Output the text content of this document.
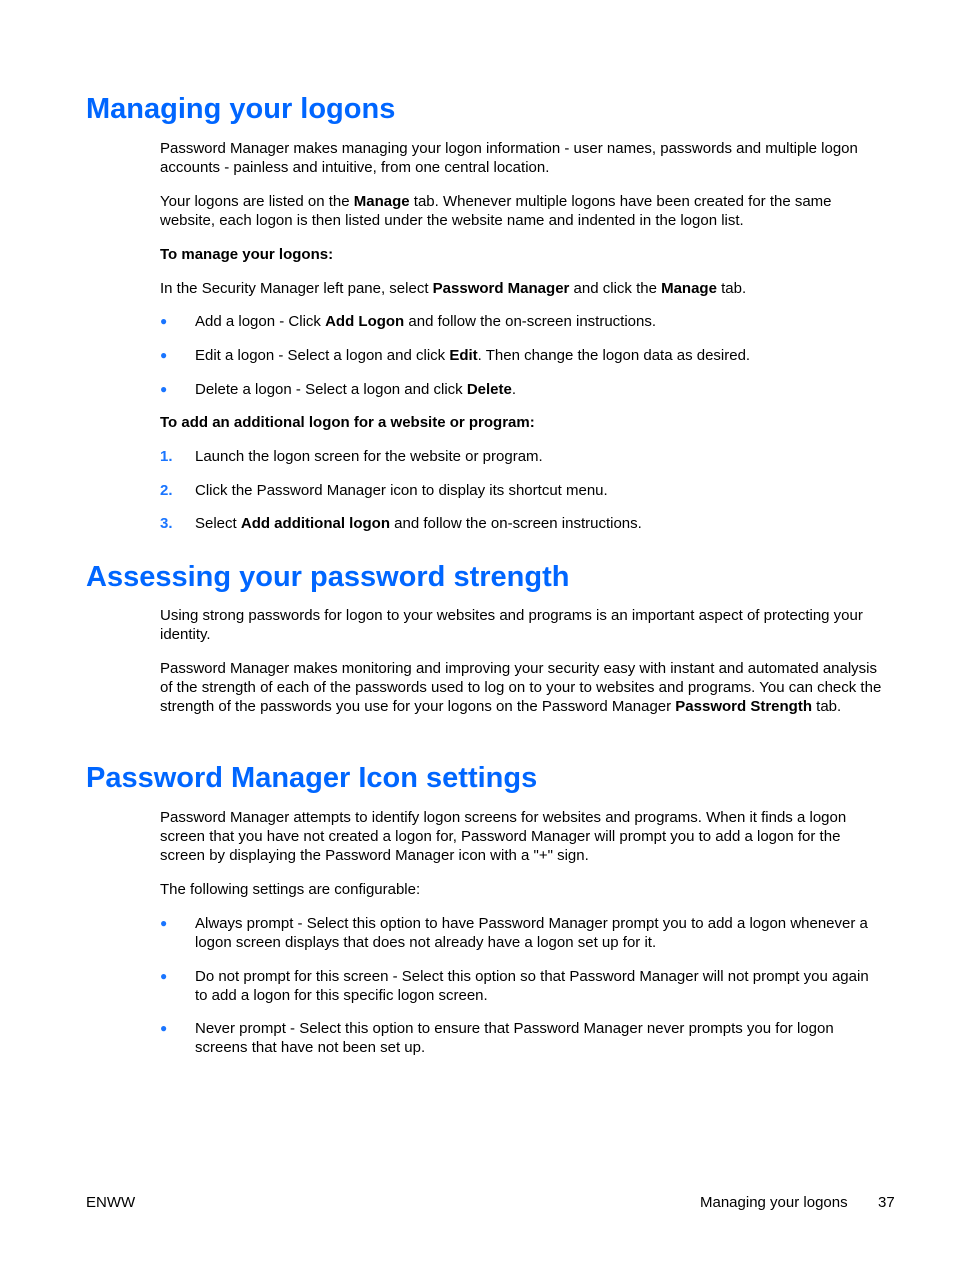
Managing your logons

Password Manager makes managing your logon information - user names, passwords and multiple logon accounts - painless and intuitive, from one central location.

Your logons are listed on the Manage tab. Whenever multiple logons have been created for the same website, each logon is then listed under the website name and indented in the logon list.

To manage your logons:

In the Security Manager left pane, select Password Manager and click the Manage tab.

●	Add a logon - Click Add Logon and follow the on-screen instructions.
●	Edit a logon - Select a logon and click Edit. Then change the logon data as desired.
●	Delete a logon - Select a logon and click Delete.

To add an additional logon for a website or program:

1.	Launch the logon screen for the website or program.
2.	Click the Password Manager icon to display its shortcut menu.
3.	Select Add additional logon and follow the on-screen instructions.
Assessing your password strength

Using strong passwords for logon to your websites and programs is an important aspect of protecting your identity.

Password Manager makes monitoring and improving your security easy with instant and automated analysis of the strength of each of the passwords used to log on to your to websites and programs. You can check the strength of the passwords you use for your logons on the Password Manager Password Strength tab.

Password Manager Icon settings

Password Manager attempts to identify logon screens for websites and programs. When it finds a logon screen that you have not created a logon for, Password Manager will prompt you to add a logon for the screen by displaying the Password Manager icon with a "+" sign.

The following settings are configurable:

●	Always prompt - Select this option to have Password Manager prompt you to add a logon whenever a logon screen displays that does not already have a logon set up for it.
●	Do not prompt for this screen - Select this option so that Password Manager will not prompt you again to add a logon for this specific logon screen.
●	Never prompt - Select this option to ensure that Password Manager never prompts you for logon screens that have not been set up.
ENWW	Managing your logons 37
